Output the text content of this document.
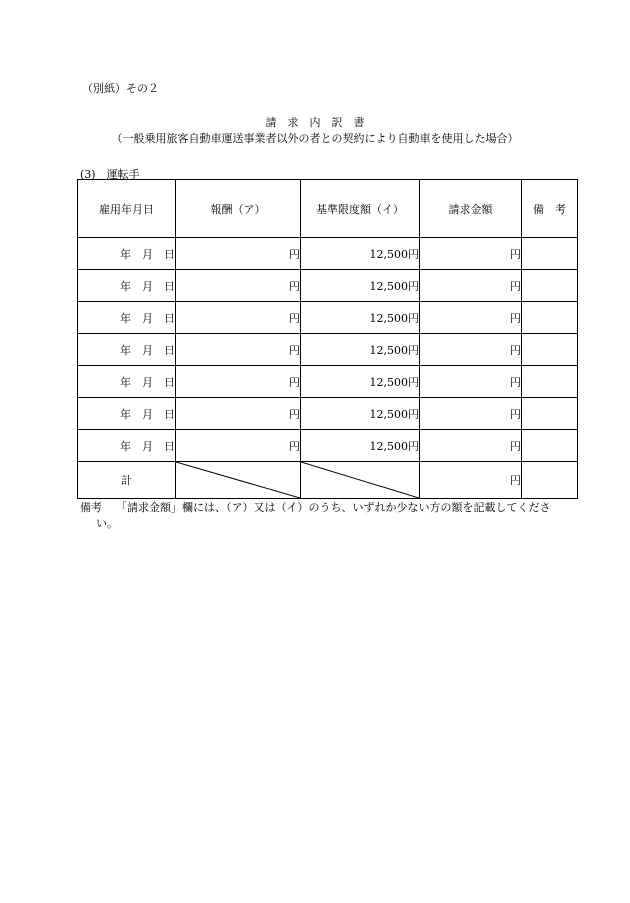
（別紙）その２
請　求　内　訳　書
（一般乗用旅客自動車運送事業者以外の者との契約により自動車を使用した場合）
(3)　運転手
雇用年月日	報酬（ア）	基準限度額（イ）	請求金額	備　考
年　月　日	円	12,500円	円	
年　月　日	円	12,500円	円	
年　月　日	円	12,500円	円	
年　月　日	円	12,500円	円	
年　月　日	円	12,500円	円	
年　月　日	円	12,500円	円	
年　月　日	円	12,500円	円	
計			円	
備考 「請求金額」欄には、（ア）又は（イ）のうち、いずれか少ない方の額を記載してくださ
い。
